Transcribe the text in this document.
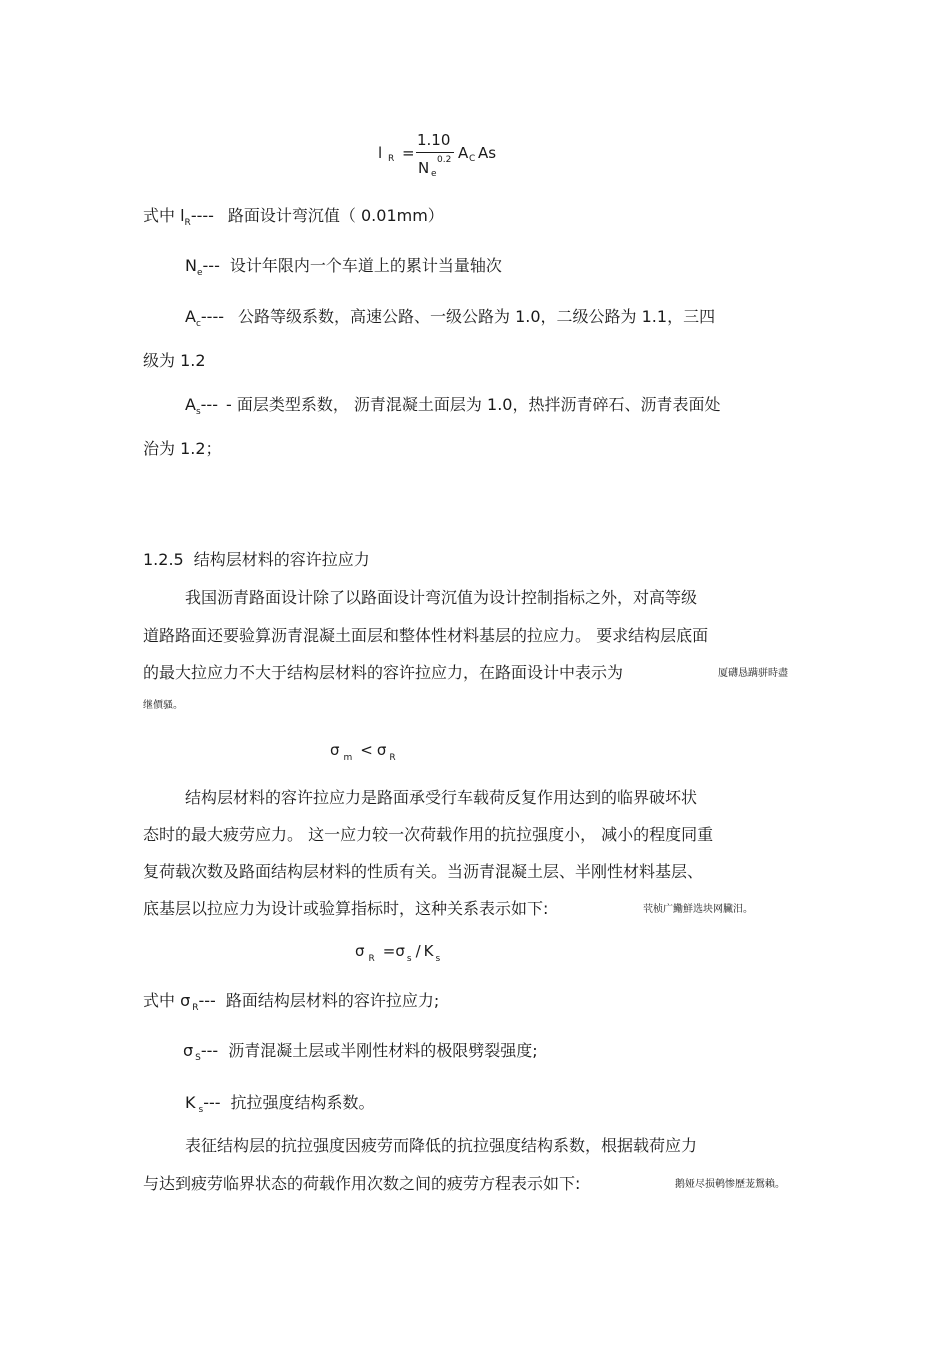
l R =
1.10
N e
0.2 A C As
式中 $l_R----$ 路面设计弯沉值（ 0.01mm）
$N_e---$ 设计年限内一个车道上的累计当量轴次
$A_c----$ 公路等级系数，高速公路、一级公路为 1.0，二级公路为 1.1，三四
级为 1.2
$A_s---$ - 面层类型系数， 沥青混凝土面层为 1.0，热拌沥青碎石、沥青表面处
治为 1.2；
1.2.5 结构层材料的容许拉应力
我国沥青路面设计除了以路面设计弯沉值为设计控制指标之外，对高等级
道路路面还要验算沥青混凝土面层和整体性材料基层的拉应力。 要求结构层底面
的最大拉应力不大于结构层材料的容许拉应力，在路面设计中表示为	厦礴恳蹒骈時盡
继價骚。
σ $_m$ < σ $_R$
结构层材料的容许拉应力是路面承受行车载荷反复作用达到的临界破坏状
态时的最大疲劳应力。 这一应力较一次荷载作用的抗拉强度小， 减小的程度同重
复荷载次数及路面结构层材料的性质有关。当沥青混凝土层、半刚性材料基层、
底基层以拉应力为设计或验算指标时，这种关系表示如下:	茕桢广鰳鮮选块网臟汨。
σ $_R$ =σ $_s$ / K $_s$
式中 σ $_R$--- 路面结构层材料的容许拉应力;
σ $_S$--- 沥青混凝土层或半刚性材料的极限劈裂强度;
K $_s$--- 抗拉强度结构系数。
表征结构层的抗拉强度因疲劳而降低的抗拉强度结构系数，根据载荷应力
与达到疲劳临界状态的荷载作用次数之间的疲劳方程表示如下:	鹅娅尽损鹌惨歷茏鴛賴。
